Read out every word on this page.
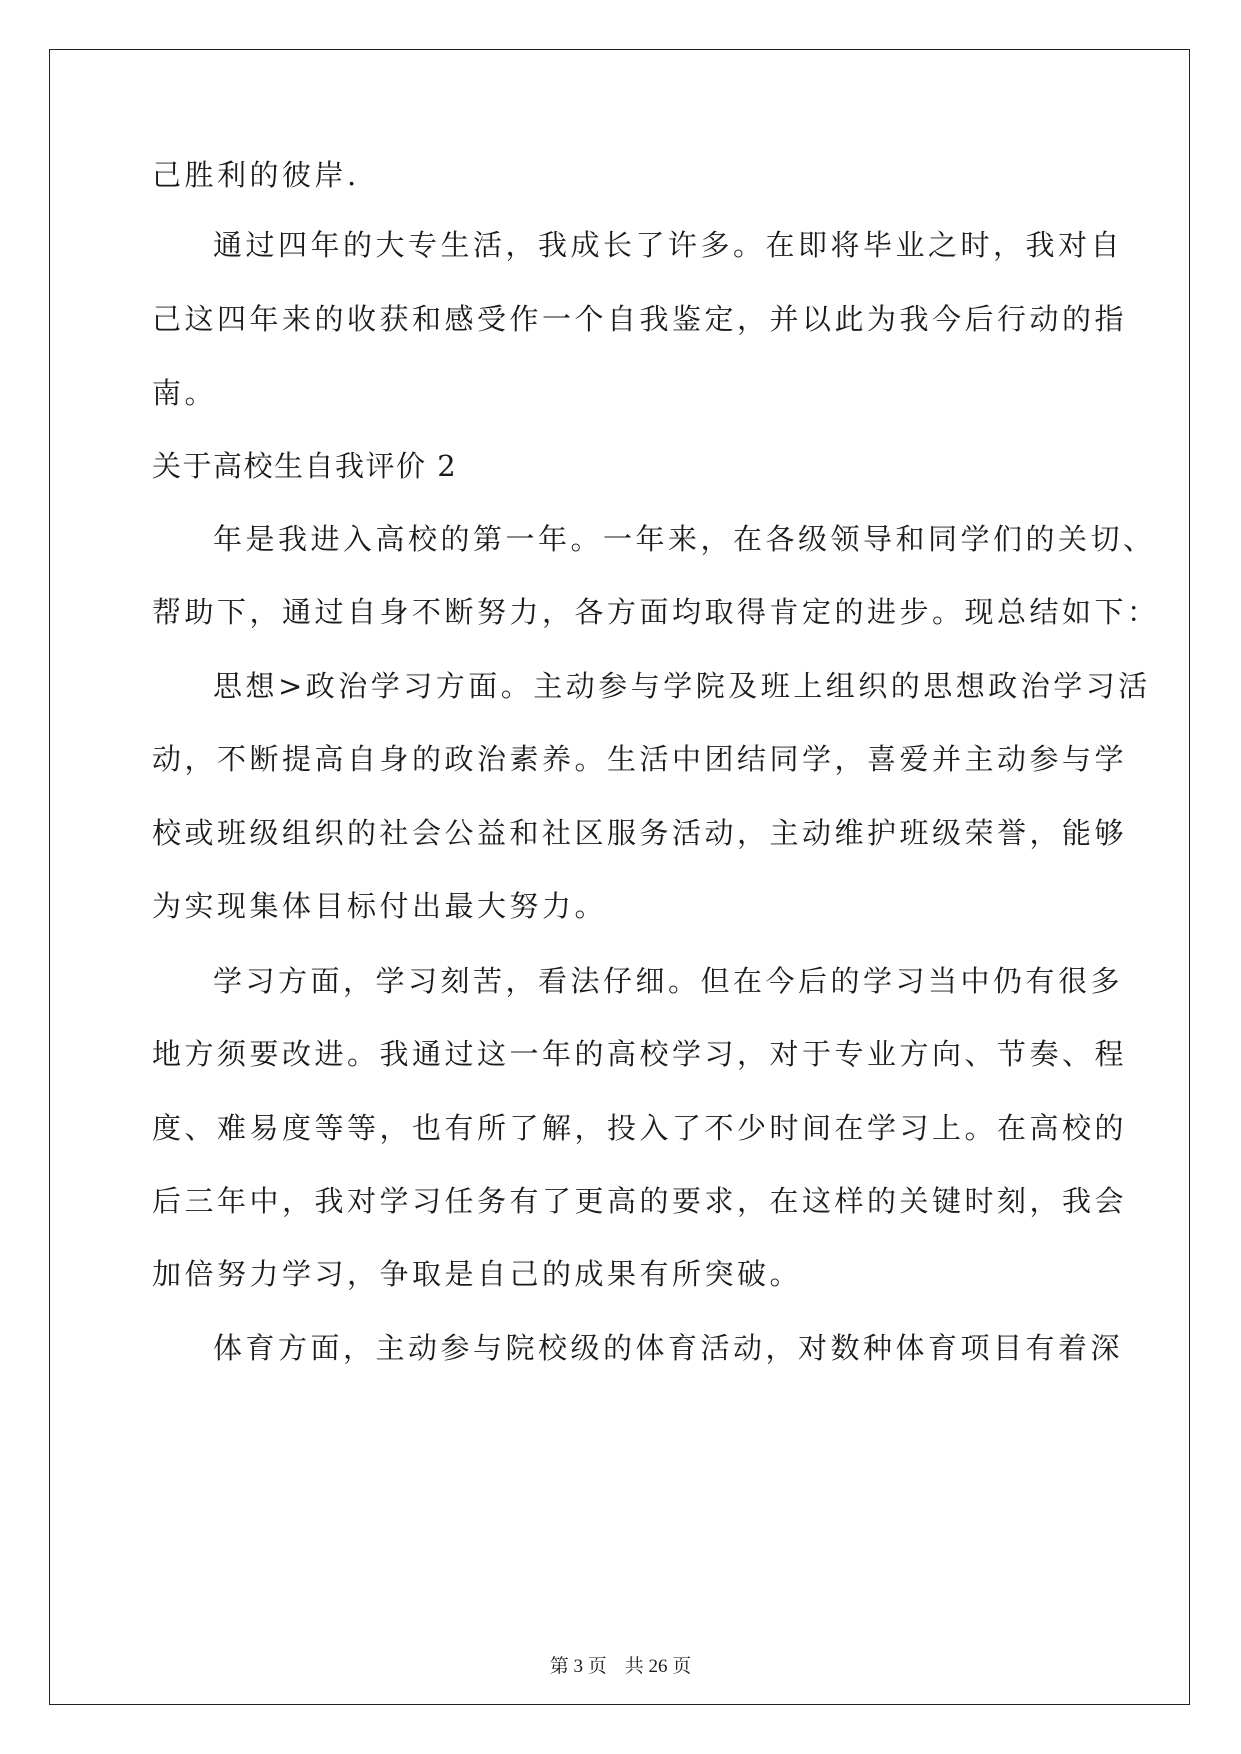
己胜利的彼岸.
通过四年的大专生活，我成长了许多。在即将毕业之时，我对自
己这四年来的收获和感受作一个自我鉴定，并以此为我今后行动的指
南。
关于高校生自我评价 2
年是我进入高校的第一年。一年来，在各级领导和同学们的关切、
帮助下，通过自身不断努力，各方面均取得肯定的进步。现总结如下：
思想>政治学习方面。主动参与学院及班上组织的思想政治学习活
动，不断提高自身的政治素养。生活中团结同学，喜爱并主动参与学
校或班级组织的社会公益和社区服务活动，主动维护班级荣誉，能够
为实现集体目标付出最大努力。
学习方面，学习刻苦，看法仔细。但在今后的学习当中仍有很多
地方须要改进。我通过这一年的高校学习，对于专业方向、节奏、程
度、难易度等等，也有所了解，投入了不少时间在学习上。在高校的
后三年中，我对学习任务有了更高的要求，在这样的关键时刻，我会
加倍努力学习，争取是自己的成果有所突破。
体育方面，主动参与院校级的体育活动，对数种体育项目有着深
第 3 页 共 26 页
